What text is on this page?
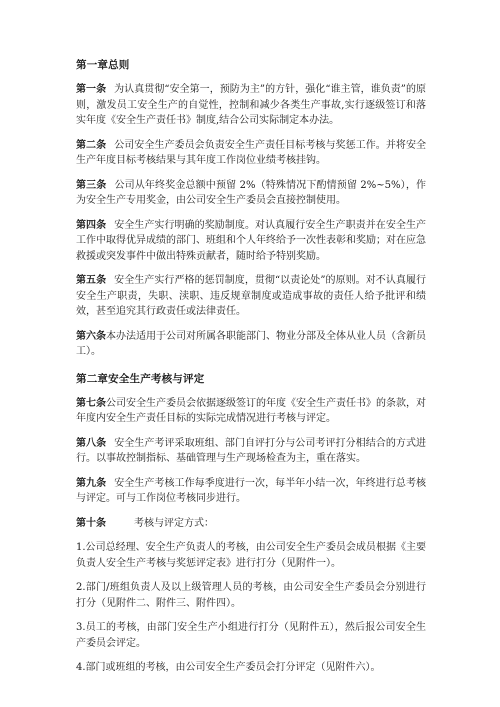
第一章总则

第一条 为认真贯彻“安全第一，预防为主”的方针，强化“谁主管，谁负责”的原则，激发员工安全生产的自觉性，控制和减少各类生产事故,实行逐级签订和落实年度《安全生产责任书》制度,结合公司实际制定本办法。

第二条 公司安全生产委员会负责安全生产责任目标考核与奖惩工作。并将安全生产年度目标考核结果与其年度工作岗位业绩考核挂钩。

第三条 公司从年终奖金总额中预留 2%（特殊情况下酌情预留 2%~5%），作为安全生产专用奖金，由公司安全生产委员会直接控制使用。

第四条 安全生产实行明确的奖励制度。对认真履行安全生产职责并在安全生产工作中取得优异成绩的部门、班组和个人年终给予一次性表彰和奖励；对在应急救援或突发事件中做出特殊贡献者，随时给予特别奖励。

第五条 安全生产实行严格的惩罚制度，贯彻“以责论处”的原则。对不认真履行安全生产职责，失职、渎职、违反规章制度或造成事故的责任人给予批评和绩效，甚至追究其行政责任或法律责任。

第六条本办法适用于公司对所属各职能部门、物业分部及全体从业人员（含新员工）。

第二章安全生产考核与评定

第七条公司安全生产委员会依据逐级签订的年度《安全生产责任书》的条款，对年度内安全生产责任目标的实际完成情况进行考核与评定。

第八条 安全生产考评采取班组、部门自评打分与公司考评打分相结合的方式进行。以事故控制指标、基础管理与生产现场检查为主，重在落实。

第九条 安全生产考核工作每季度进行一次，每半年小结一次，年终进行总考核与评定。可与工作岗位考核同步进行。

第十条	考核与评定方式：

1.公司总经理、安全生产负责人的考核，由公司安全生产委员会成员根据《主要负责人安全生产考核与奖惩评定表》进行打分（见附件一）。

2.部门/班组负责人及以上级管理人员的考核，由公司安全生产委员会分别进行打分（见附件二、附件三、附件四）。

3.员工的考核，由部门安全生产小组进行打分（见附件五），然后报公司安全生产委员会评定。

4.部门或班组的考核，由公司安全生产委员会打分评定（见附件六）。
